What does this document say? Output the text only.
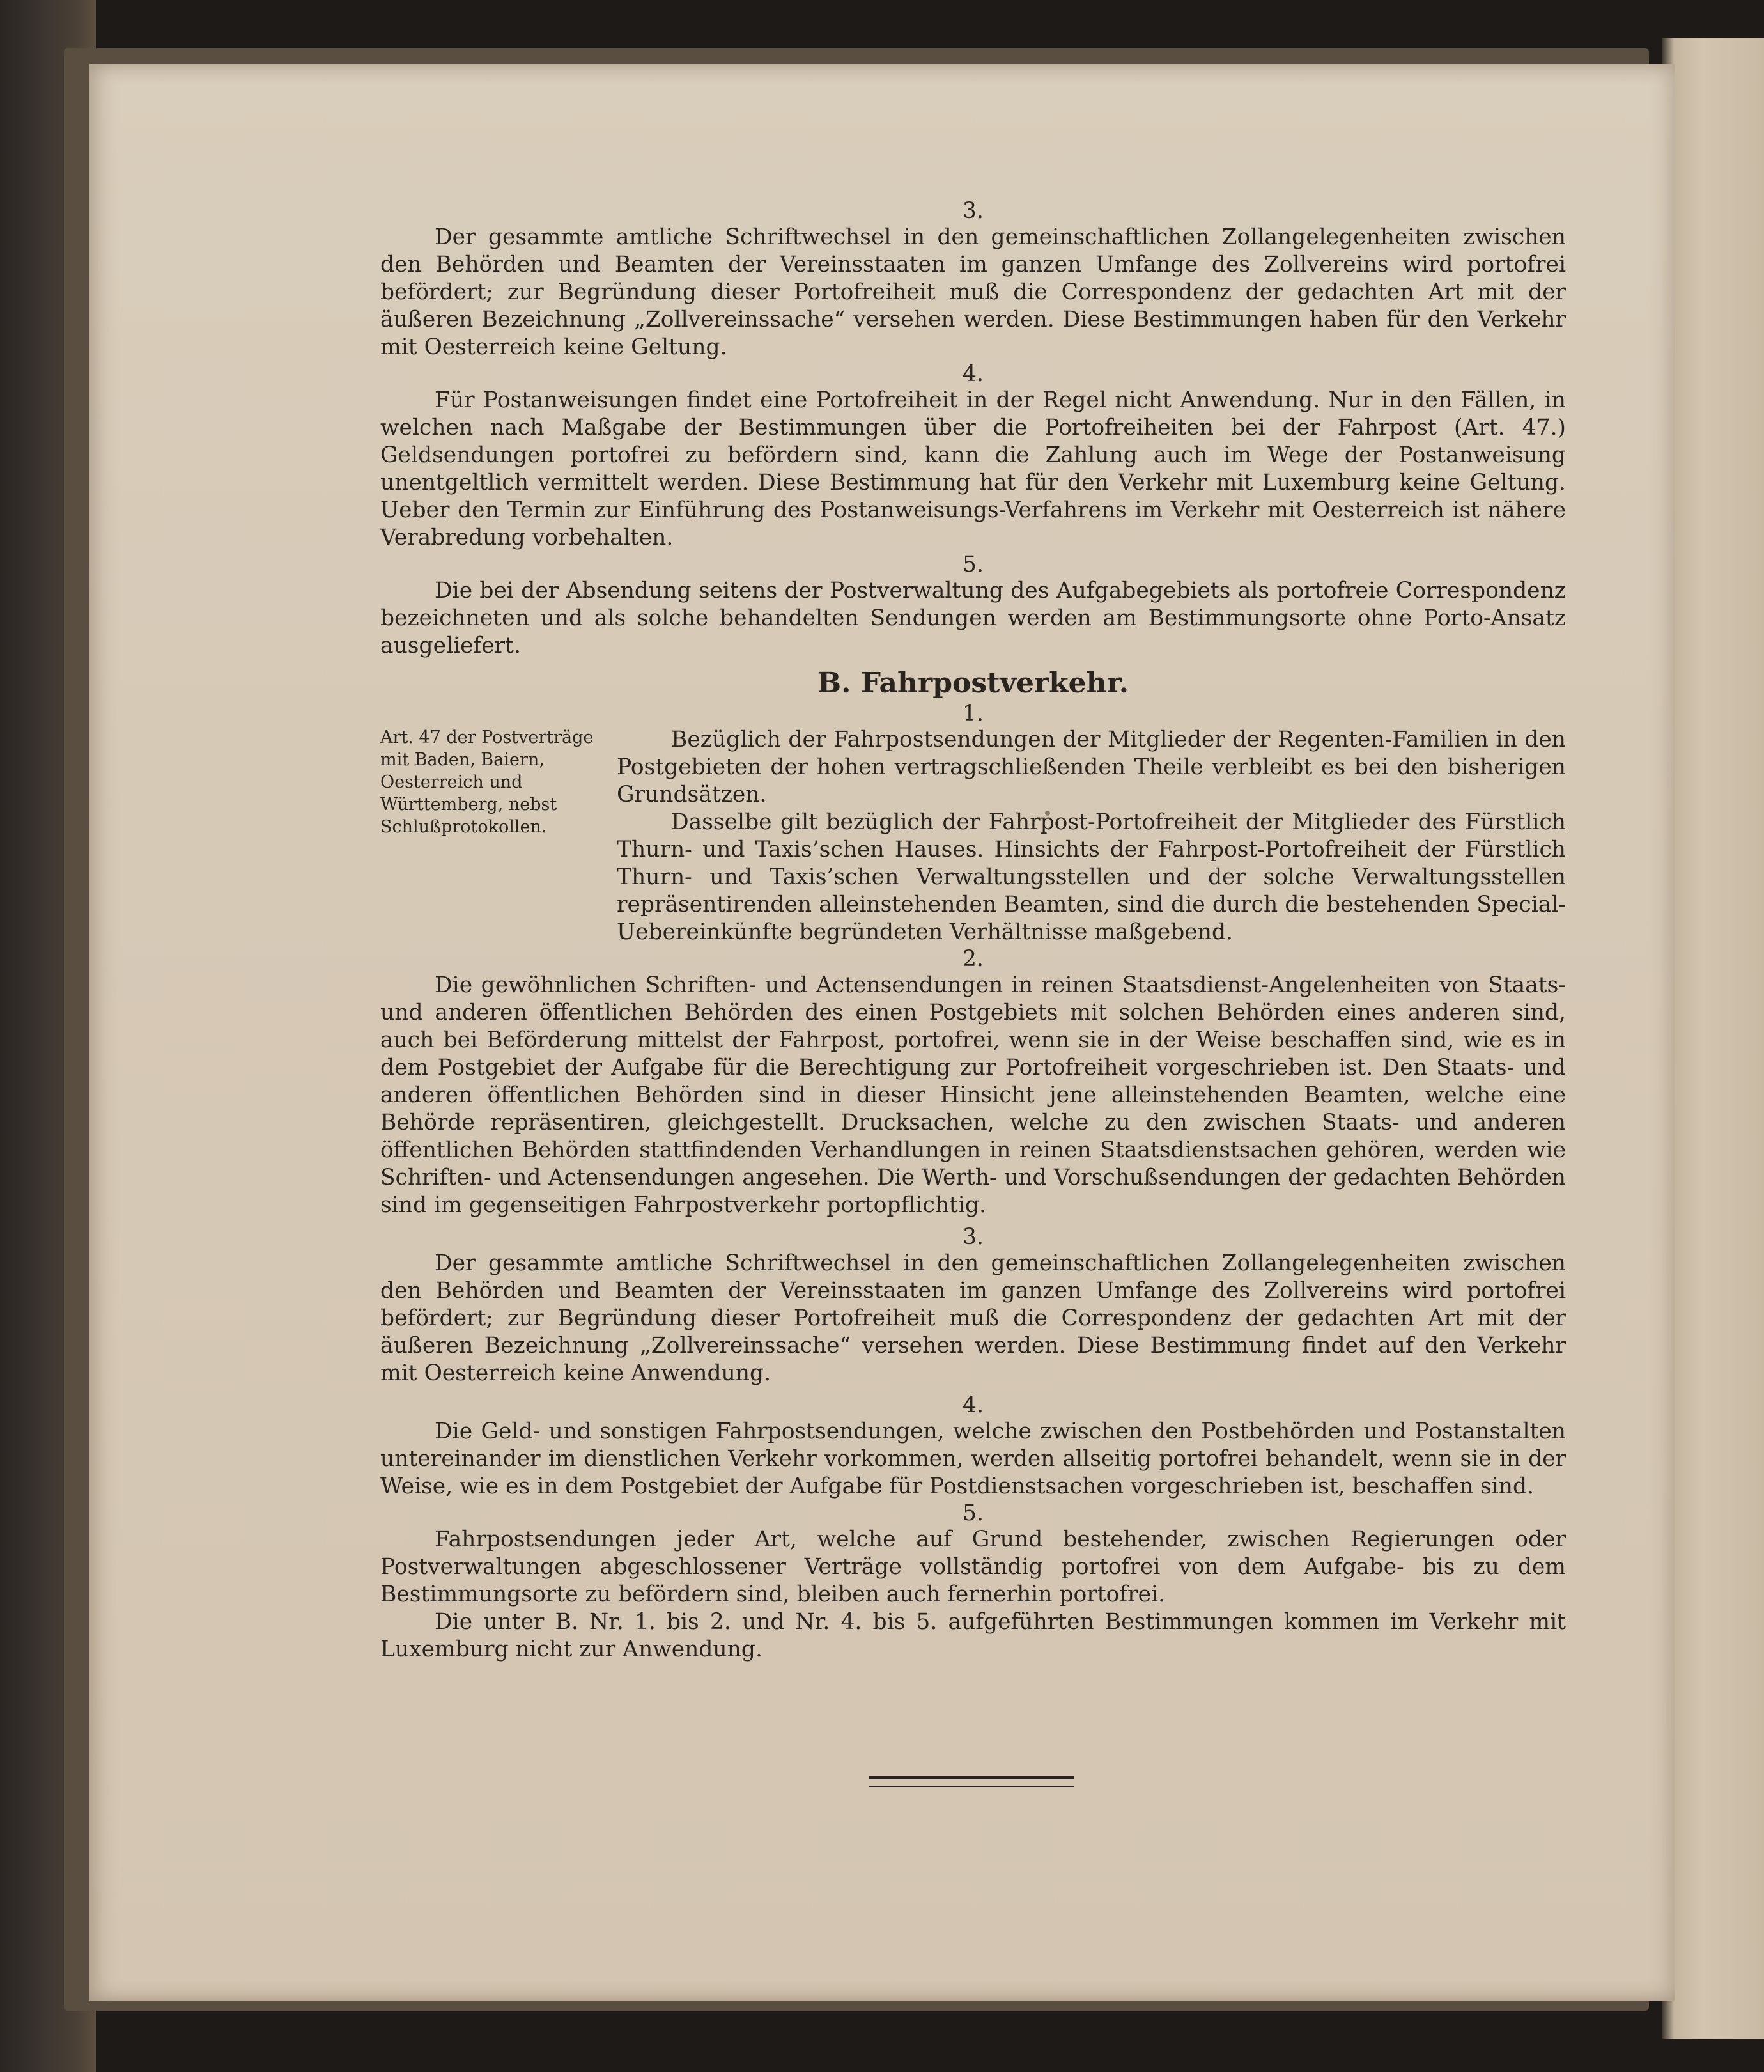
3.

Der gesammte amtliche Schriftwechsel in den gemeinschaftlichen Zollangelegenheiten zwischen den Behörden und Beamten der Vereinsstaaten im ganzen Umfange des Zollvereins wird portofrei befördert; zur Begründung dieser Portofreiheit muß die Correspondenz der gedachten Art mit der äußeren Bezeichnung „Zollvereinssache“ versehen werden. Diese Bestimmungen haben für den Verkehr mit Oesterreich keine Geltung.

4.

Für Postanweisungen findet eine Portofreiheit in der Regel nicht Anwendung. Nur in den Fällen, in welchen nach Maßgabe der Bestimmungen über die Portofreiheiten bei der Fahrpost (Art. 47.) Geldsendungen portofrei zu befördern sind, kann die Zahlung auch im Wege der Postanweisung unentgeltlich vermittelt werden. Diese Bestimmung hat für den Verkehr mit Luxemburg keine Geltung. Ueber den Termin zur Einführung des Postanweisungs-Verfahrens im Verkehr mit Oesterreich ist nähere Verabredung vorbehalten.

5.

Die bei der Absendung seitens der Postverwaltung des Aufgabegebiets als portofreie Correspondenz bezeichneten und als solche behandelten Sendungen werden am Bestimmungsorte ohne Porto-Ansatz ausgeliefert.

B. Fahrpostverkehr.
1.
Art. 47 der Postverträge mit Baden, Baiern, Oesterreich und Württemberg, nebst Schlußprotokollen.

Bezüglich der Fahrpostsendungen der Mitglieder der Regenten-Familien in den Postgebieten der hohen vertragschließenden Theile verbleibt es bei den bisherigen Grundsätzen.

Dasselbe gilt bezüglich der Fahrpost-Portofreiheit der Mitglieder des Fürstlich Thurn- und Taxis’schen Hauses. Hinsichts der Fahrpost-Portofreiheit der Fürstlich Thurn- und Taxis’schen Verwaltungsstellen und der solche Verwaltungsstellen repräsentirenden alleinstehenden Beamten, sind die durch die bestehenden Special-Uebereinkünfte begründeten Verhältnisse maßgebend.

2.

Die gewöhnlichen Schriften- und Actensendungen in reinen Staatsdienst-Angelenheiten von Staats- und anderen öffentlichen Behörden des einen Postgebiets mit solchen Behörden eines anderen sind, auch bei Beförderung mittelst der Fahrpost, portofrei, wenn sie in der Weise beschaffen sind, wie es in dem Postgebiet der Aufgabe für die Berechtigung zur Portofreiheit vorgeschrieben ist. Den Staats- und anderen öffentlichen Behörden sind in dieser Hinsicht jene alleinstehenden Beamten, welche eine Behörde repräsentiren, gleichgestellt. Drucksachen, welche zu den zwischen Staats- und anderen öffentlichen Behörden stattfindenden Verhandlungen in reinen Staatsdienstsachen gehören, werden wie Schriften- und Actensendungen angesehen. Die Werth- und Vorschußsendungen der gedachten Behörden sind im gegenseitigen Fahrpostverkehr portopflichtig.

3.

Der gesammte amtliche Schriftwechsel in den gemeinschaftlichen Zollangelegenheiten zwischen den Behörden und Beamten der Vereinsstaaten im ganzen Umfange des Zollvereins wird portofrei befördert; zur Begründung dieser Portofreiheit muß die Correspondenz der gedachten Art mit der äußeren Bezeichnung „Zollvereinssache“ versehen werden. Diese Bestimmung findet auf den Verkehr mit Oesterreich keine Anwendung.

4.

Die Geld- und sonstigen Fahrpostsendungen, welche zwischen den Postbehörden und Postanstalten untereinander im dienstlichen Verkehr vorkommen, werden allseitig portofrei behandelt, wenn sie in der Weise, wie es in dem Postgebiet der Aufgabe für Postdienstsachen vorgeschrieben ist, beschaffen sind.

5.

Fahrpostsendungen jeder Art, welche auf Grund bestehender, zwischen Regierungen oder Postverwaltungen abgeschlossener Verträge vollständig portofrei von dem Aufgabe- bis zu dem Bestimmungsorte zu befördern sind, bleiben auch fernerhin portofrei.

Die unter B. Nr. 1. bis 2. und Nr. 4. bis 5. aufgeführten Bestimmungen kommen im Verkehr mit Luxemburg nicht zur Anwendung.
